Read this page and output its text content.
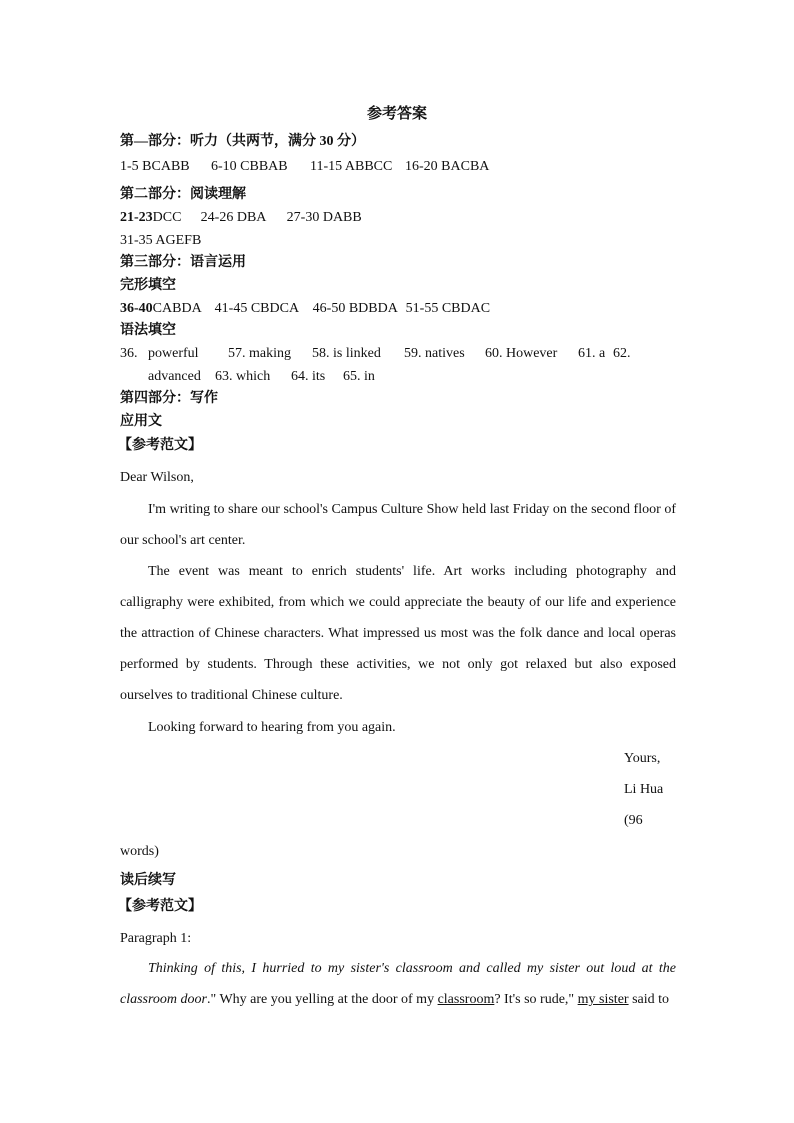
参考答案
第—部分：听力（共两节，满分 30 分）
1-5 BCABB 6-10 CBBAB 11-15 ABBCC 16-20 BACBA
第二部分：阅读理解
21-23DCC 24-26 DBA 27-30 DABB
31-35 AGEFB
第三部分：语言运用
完形填空
36-40CABDA 41-45 CBDCA 46-50 BDBDA 51-55 CBDAC
语法填空
36. powerful 57. making 58. is linked 59. natives 60. However 61. a 62.
advanced 63. which 64. its 65. in
第四部分：写作
应用文
【参考范文】
Dear Wilson,
I'm writing to share our school's Campus Culture Show held last Friday on the second floor of our school's art center.
The event was meant to enrich students' life. Art works including photography and calligraphy were exhibited, from which we could appreciate the beauty of our life and experience the attraction of Chinese characters. What impressed us most was the folk dance and local operas performed by students. Through these activities, we not only got relaxed but also exposed ourselves to traditional Chinese culture.
Looking forward to hearing from you again.
Yours,
Li Hua
(96
words)
读后续写
【参考范文】
Paragraph 1:
Thinking of this, I hurried to my sister's classroom and called my sister out loud at the classroom door." Why are you yelling at the door of my classroom? It's so rude," my sister said to
